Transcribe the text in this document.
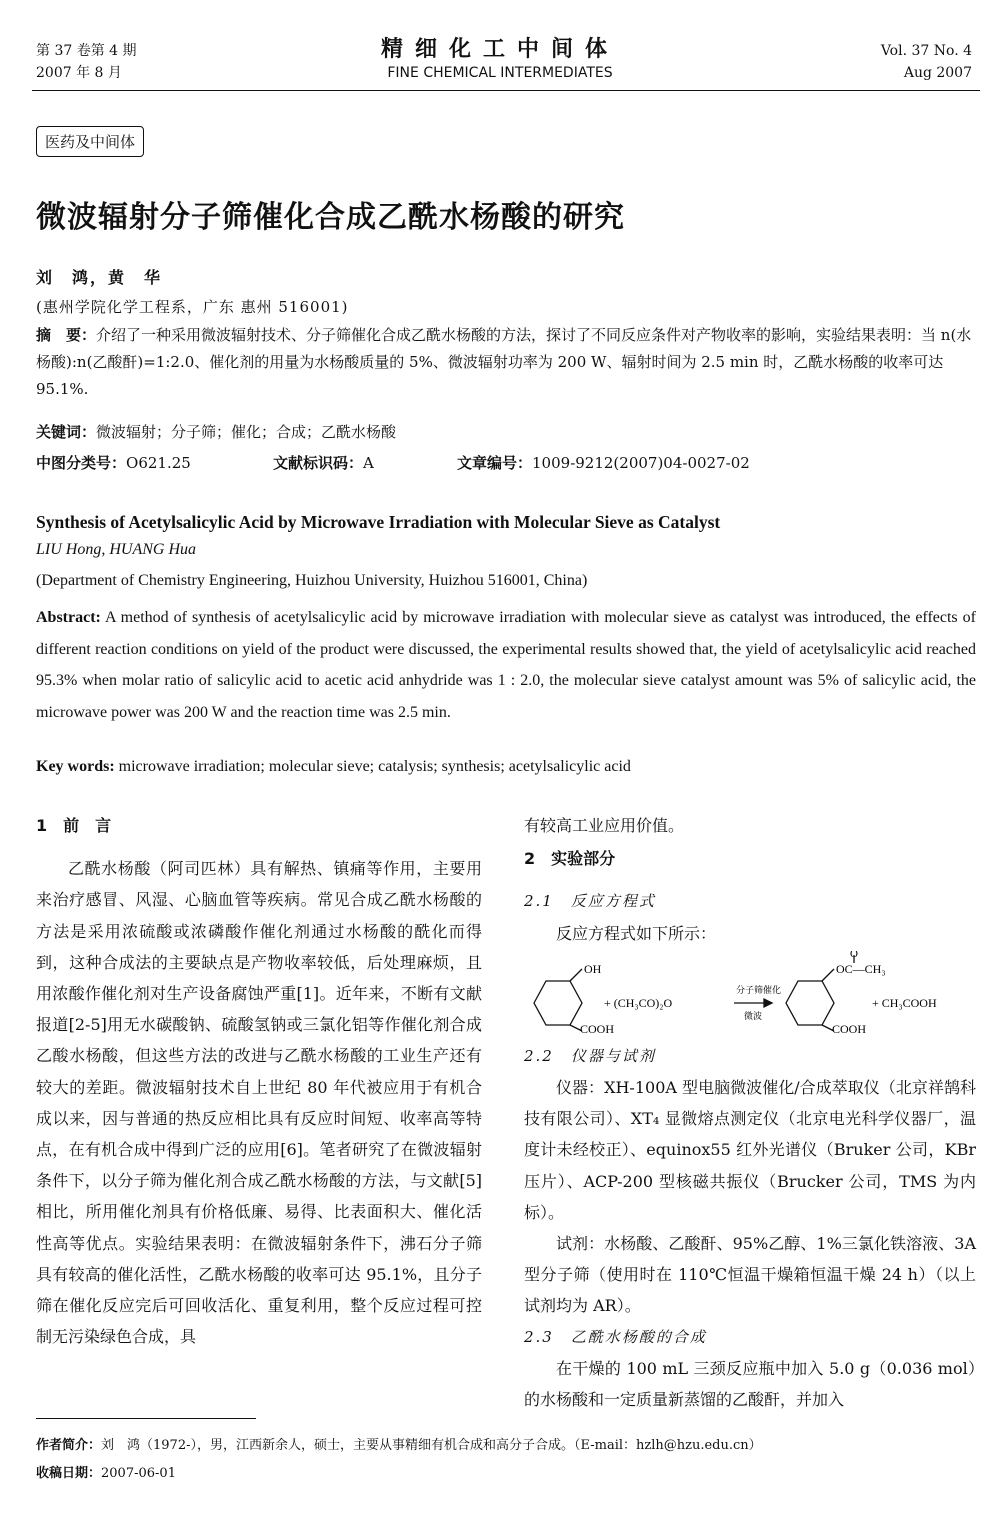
第 37 卷第 4 期
2007 年 8 月
精细化工中间体
FINE CHEMICAL INTERMEDIATES
Vol. 37 No. 4
Aug 2007
医药及中间体
微波辐射分子筛催化合成乙酰水杨酸的研究
刘　鸿，黄　华
(惠州学院化学工程系，广东 惠州 516001)
摘　要：介绍了一种采用微波辐射技术、分子筛催化合成乙酰水杨酸的方法，探讨了不同反应条件对产物收率的影响，实验结果表明：当 n(水杨酸):n(乙酸酐)=1:2.0、催化剂的用量为水杨酸质量的 5%、微波辐射功率为 200 W、辐射时间为 2.5 min 时，乙酰水杨酸的收率可达 95.1%.
关键词：微波辐射；分子筛；催化；合成；乙酰水杨酸
中图分类号：O621.25	文献标识码：A	文章编号：1009-9212(2007)04-0027-02
Synthesis of Acetylsalicylic Acid by Microwave Irradiation with Molecular Sieve as Catalyst
LIU Hong, HUANG Hua
(Department of Chemistry Engineering, Huizhou University, Huizhou 516001, China)
Abstract: A method of synthesis of acetylsalicylic acid by microwave irradiation with molecular sieve as catalyst was introduced, the effects of different reaction conditions on yield of the product were discussed, the experimental results showed that, the yield of acetylsalicylic acid reached 95.3% when molar ratio of salicylic acid to acetic acid anhydride was 1 : 2.0, the molecular sieve catalyst amount was 5% of salicylic acid, the microwave power was 200 W and the reaction time was 2.5 min.
Key words: microwave irradiation; molecular sieve; catalysis; synthesis; acetylsalicylic acid
1　前　言

乙酰水杨酸（阿司匹林）具有解热、镇痛等作用，主要用来治疗感冒、风湿、心脑血管等疾病。常见合成乙酰水杨酸的方法是采用浓硫酸或浓磷酸作催化剂通过水杨酸的酰化而得到，这种合成法的主要缺点是产物收率较低，后处理麻烦，且用浓酸作催化剂对生产设备腐蚀严重[1]。近年来，不断有文献报道[2-5]用无水碳酸钠、硫酸氢钠或三氯化铝等作催化剂合成乙酸水杨酸，但这些方法的改进与乙酰水杨酸的工业生产还有较大的差距。微波辐射技术自上世纪 80 年代被应用于有机合成以来，因与普通的热反应相比具有反应时间短、收率高等特点，在有机合成中得到广泛的应用[6]。笔者研究了在微波辐射条件下，以分子筛为催化剂合成乙酰水杨酸的方法，与文献[5]相比，所用催化剂具有价格低廉、易得、比表面积大、催化活性高等优点。实验结果表明：在微波辐射条件下，沸石分子筛具有较高的催化活性，乙酰水杨酸的收率可达 95.1%，且分子筛在催化反应完后可回收活化、重复利用，整个反应过程可控制无污染绿色合成，具

有较高工业应用价值。
2　实验部分
2.1　反应方程式

反应方程式如下所示：

OH
COOH
+ (CH₃CO)₂O
分子筛催化
微波
O
OC—CH₃
COOH
+ CH₃COOH
2.2　仪器与试剂

仪器：XH-100A 型电脑微波催化/合成萃取仪（北京祥鹄科技有限公司）、XT₄ 显微熔点测定仪（北京电光科学仪器厂，温度计未经校正）、equinox55 红外光谱仪（Bruker 公司，KBr 压片）、ACP-200 型核磁共振仪（Brucker 公司，TMS 为内标）。

试剂：水杨酸、乙酸酐、95%乙醇、1%三氯化铁溶液、3A 型分子筛（使用时在 110℃恒温干燥箱恒温干燥 24 h）（以上试剂均为 AR）。

2.3　乙酰水杨酸的合成

在干燥的 100 mL 三颈反应瓶中加入 5.0 g（0.036 mol）的水杨酸和一定质量新蒸馏的乙酸酐，并加入

作者简介：刘　鸿（1972-），男，江西新余人，硕士，主要从事精细有机合成和高分子合成。（E-mail：hzlh@hzu.edu.cn）
收稿日期：2007-06-01
